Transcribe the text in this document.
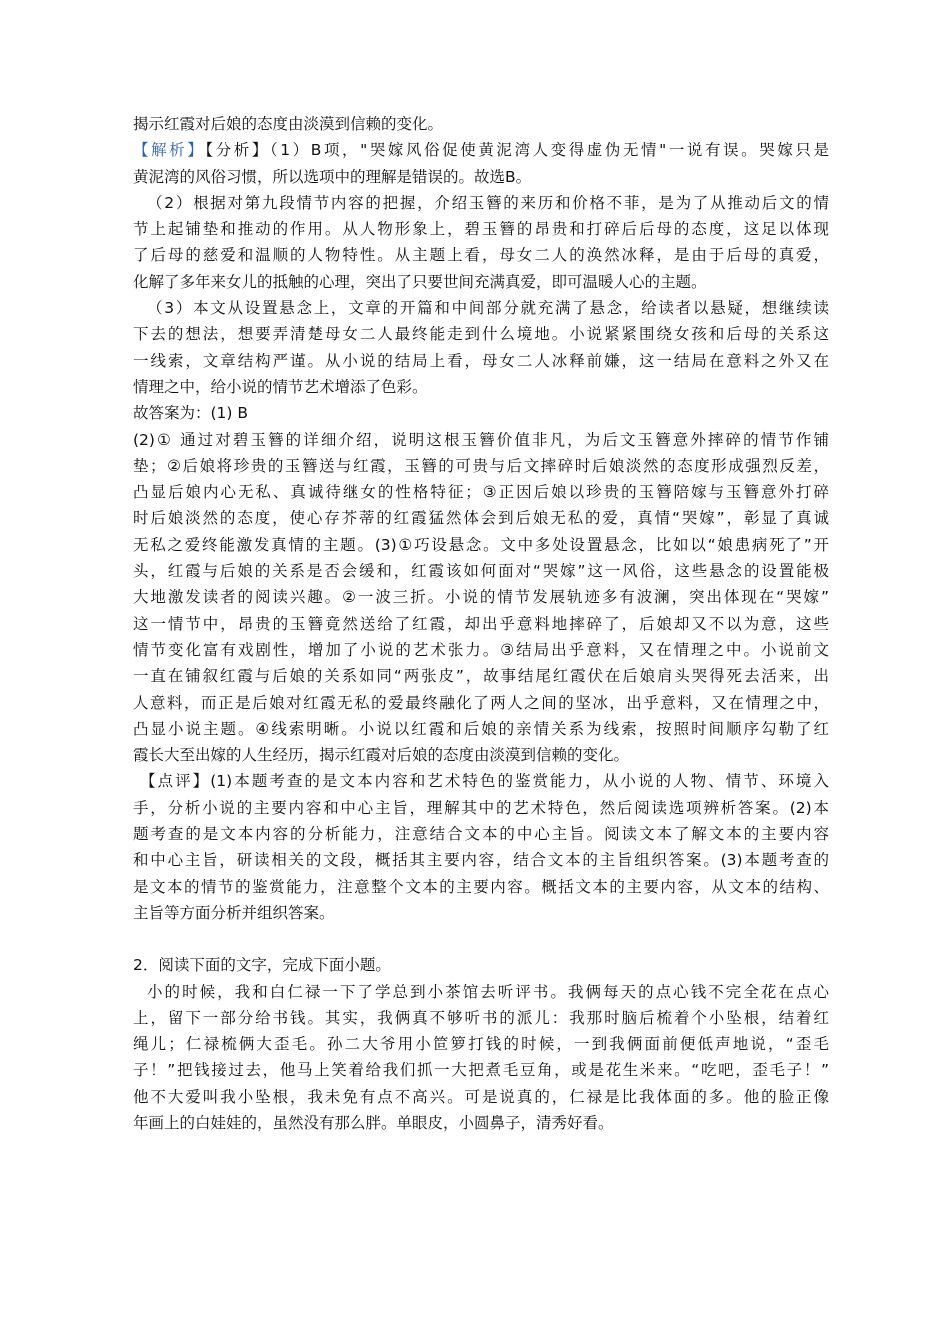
揭示红霞对后娘的态度由淡漠到信赖的变化。
【解析】【分析】（1）B项，"哭嫁风俗促使黄泥湾人变得虚伪无情"一说有误。哭嫁只是
黄泥湾的风俗习惯，所以选项中的理解是错误的。故选B。
（2）根据对第九段情节内容的把握，介绍玉簪的来历和价格不菲，是为了从推动后文的情
节上起铺垫和推动的作用。从人物形象上，碧玉簪的昂贵和打碎后后母的态度，这足以体现
了后母的慈爱和温顺的人物特性。从主题上看，母女二人的涣然冰释，是由于后母的真爱，
化解了多年来女儿的抵触的心理，突出了只要世间充满真爱，即可温暖人心的主题。
（3）本文从设置悬念上，文章的开篇和中间部分就充满了悬念，给读者以悬疑，想继续读
下去的想法，想要弄清楚母女二人最终能走到什么境地。小说紧紧围绕女孩和后母的关系这
一线索，文章结构严谨。从小说的结局上看，母女二人冰释前嫌，这一结局在意料之外又在
情理之中，给小说的情节艺术增添了色彩。
故答案为：(1) B
(2)① 通过对碧玉簪的详细介绍，说明这根玉簪价值非凡，为后文玉簪意外摔碎的情节作铺
垫；②后娘将珍贵的玉簪送与红霞，玉簪的可贵与后文摔碎时后娘淡然的态度形成强烈反差，
凸显后娘内心无私、真诚待继女的性格特征；③正因后娘以珍贵的玉簪陪嫁与玉簪意外打碎
时后娘淡然的态度，使心存芥蒂的红霞猛然体会到后娘无私的爱，真情“哭嫁”，彰显了真诚
无私之爱终能激发真情的主题。(3)①巧设悬念。文中多处设置悬念，比如以“娘患病死了”开
头，红霞与后娘的关系是否会缓和，红霞该如何面对“哭嫁”这一风俗，这些悬念的设置能极
大地激发读者的阅读兴趣。②一波三折。小说的情节发展轨迹多有波澜，突出体现在“哭嫁”
这一情节中，昂贵的玉簪竟然送给了红霞，却出乎意料地摔碎了，后娘却又不以为意，这些
情节变化富有戏剧性，增加了小说的艺术张力。③结局出乎意料，又在情理之中。小说前文
一直在铺叙红霞与后娘的关系如同“两张皮”，故事结尾红霞伏在后娘肩头哭得死去活来，出
人意料，而正是后娘对红霞无私的爱最终融化了两人之间的坚冰，出乎意料，又在情理之中，
凸显小说主题。④线索明晰。小说以红霞和后娘的亲情关系为线索，按照时间顺序勾勒了红
霞长大至出嫁的人生经历，揭示红霞对后娘的态度由淡漠到信赖的变化。
【点评】(1)本题考查的是文本内容和艺术特色的鉴赏能力，从小说的人物、情节、环境入
手，分析小说的主要内容和中心主旨，理解其中的艺术特色，然后阅读选项辨析答案。(2)本
题考查的是文本内容的分析能力，注意结合文本的中心主旨。阅读文本了解文本的主要内容
和中心主旨，研读相关的文段，概括其主要内容，结合文本的主旨组织答案。(3)本题考查的
是文本的情节的鉴赏能力，注意整个文本的主要内容。概括文本的主要内容，从文本的结构、
主旨等方面分析并组织答案。
2．阅读下面的文字，完成下面小题。
小的时候，我和白仁禄一下了学总到小茶馆去听评书。我俩每天的点心钱不完全花在点心
上，留下一部分给书钱。其实，我俩真不够听书的派儿：我那时脑后梳着个小坠根，结着红
绳儿；仁禄梳俩大歪毛。孙二大爷用小笸箩打钱的时候，一到我俩面前便低声地说，“歪毛
子！”把钱接过去，他马上笑着给我们抓一大把煮毛豆角，或是花生米来。“吃吧，歪毛子！”
他不大爱叫我小坠根，我未免有点不高兴。可是说真的，仁禄是比我体面的多。他的脸正像
年画上的白娃娃的，虽然没有那么胖。单眼皮，小圆鼻子，清秀好看。
